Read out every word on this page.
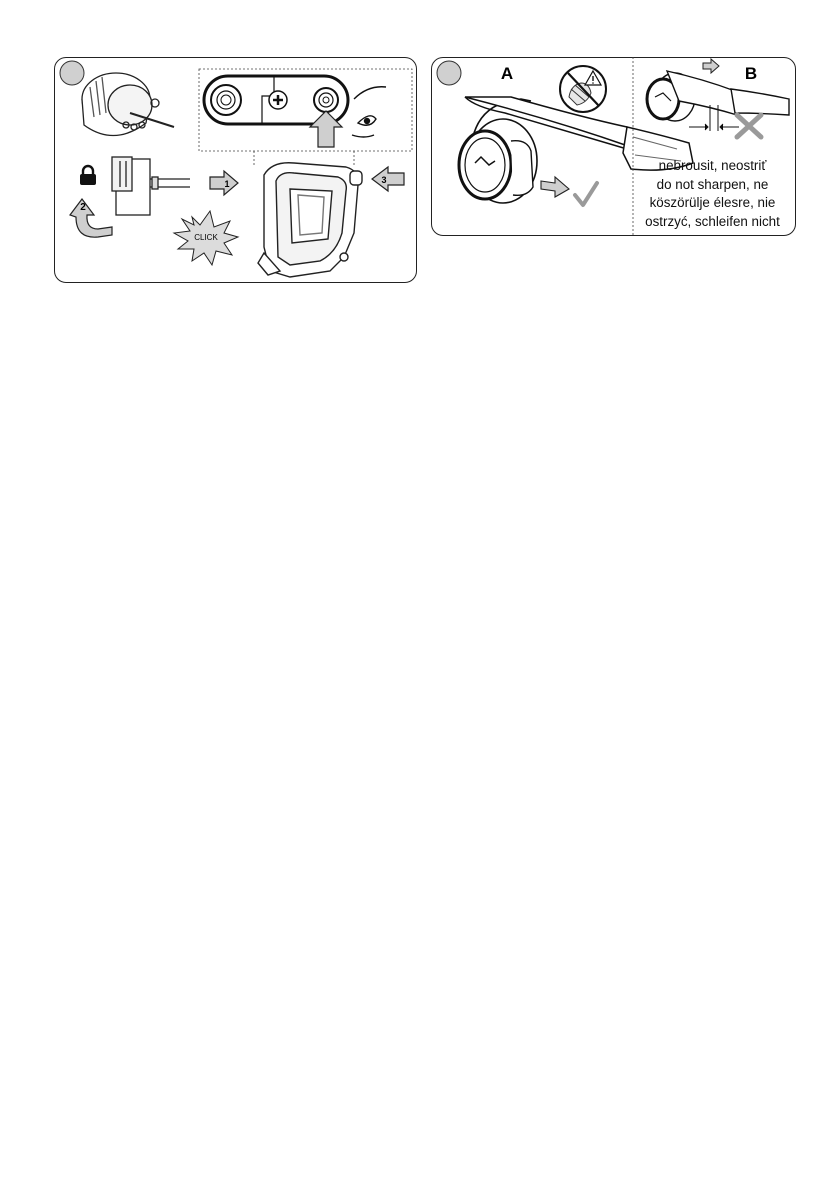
2
CLICK
1	3
A	B
nebrousit, neostriť
do not sharpen, ne
köszörülje élesre, nie
ostrzyć, schleifen nicht
